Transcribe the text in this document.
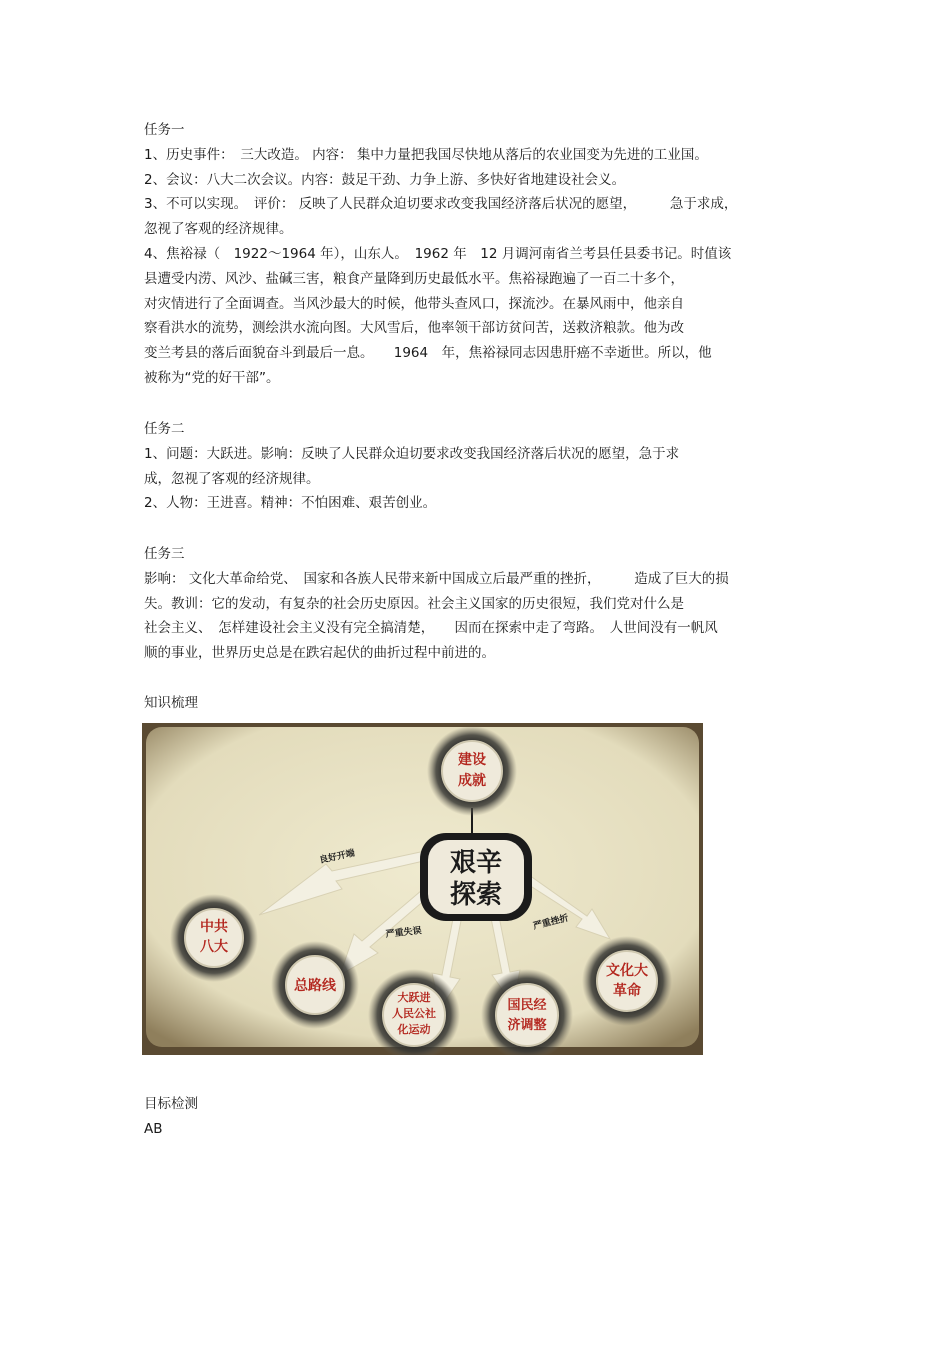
任务一
1、历史事件：　三大改造。 内容： 集中力量把我国尽快地从落后的农业国变为先进的工业国。
2、会议：八大二次会议。内容：鼓足干劲、力争上游、多快好省地建设社会义。
3、不可以实现。　评价： 反映了人民群众迫切要求改变我国经济落后状况的愿望，　　　急于求成，
忽视了客观的经济规律。
4、焦裕禄（　1922～1964 年），山东人。　1962 年　12 月调河南省兰考县任县委书记。时值该
县遭受内涝、风沙、盐碱三害，粮食产量降到历史最低水平。焦裕禄跑遍了一百二十多个，
对灾情进行了全面调查。当风沙最大的时候，他带头查风口，探流沙。在暴风雨中，他亲自
察看洪水的流势，测绘洪水流向图。大风雪后，他率领干部访贫问苦，送救济粮款。他为改
变兰考县的落后面貌奋斗到最后一息。　　1964　年，焦裕禄同志因患肝癌不幸逝世。所以，他
被称为“党的好干部”。
任务二
1、问题：大跃进。影响：反映了人民群众迫切要求改变我国经济落后状况的愿望，急于求
成，忽视了客观的经济规律。
2、人物：王进喜。精神：不怕困难、艰苦创业。
任务三
影响： 文化大革命给党、　国家和各族人民带来新中国成立后最严重的挫折，　　　造成了巨大的损
失。教训：它的发动，有复杂的社会历史原因。社会主义国家的历史很短，我们党对什么是
社会主义、　怎样建设社会主义没有完全搞清楚，　　因而在探索中走了弯路。　人世间没有一帆风
顺的事业，世界历史总是在跌宕起伏的曲折过程中前进的。
知识梳理
良好开端
严重失误
严重挫折
建设
成就
艰辛
探索
中共
八大
总路线
大跃进
人民公社
化运动
国民经
济调整
文化大
革命
目标检测
AB
